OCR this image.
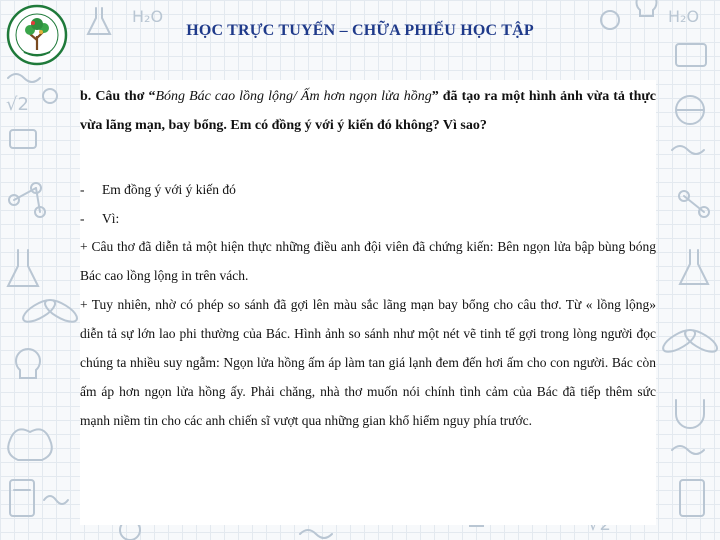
√2
H₂O	H₂O
HỌC TRỰC TUYẾN – CHỮA PHIẾU HỌC TẬP

b. Câu thơ “Bóng Bác cao lồng lộng/ Ấm hơn ngọn lửa hồng” đã tạo ra một hình ảnh vừa tả thực vừa lãng mạn, bay bổng. Em có đồng ý với ý kiến đó không? Vì sao?

- Em đồng ý với ý kiến đó

- Vì:

+ Câu thơ đã diễn tả một hiện thực những điều anh đội viên đã chứng kiến: Bên ngọn lửa bập bùng bóng Bác cao lồng lộng in trên vách.

+ Tuy nhiên, nhờ có phép so sánh đã gợi lên màu sắc lãng mạn bay bổng cho câu thơ. Từ « lồng lộng» diễn tả sự lớn lao phi thường của Bác. Hình ảnh so sánh như một nét vẽ tinh tế gợi trong lòng người đọc chúng ta nhiều suy ngẫm: Ngọn lửa hồng ấm áp làm tan giá lạnh đem đến hơi ấm cho con người. Bác còn ấm áp hơn ngọn lửa hồng ấy. Phải chăng, nhà thơ muốn nói chính tình cảm của Bác đã tiếp thêm sức mạnh niềm tin cho các anh chiến sĩ vượt qua những gian khổ hiểm nguy phía trước.
